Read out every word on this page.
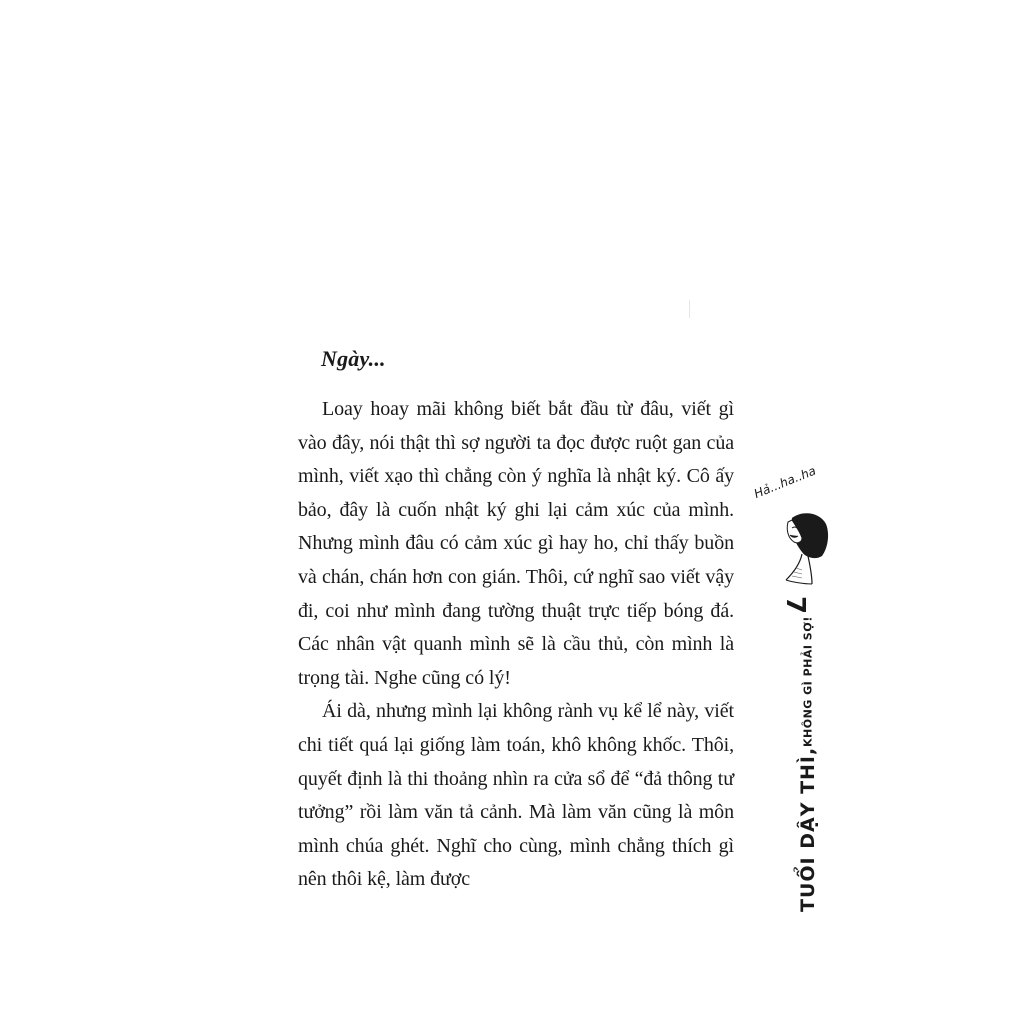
Ngày...

Loay hoay mãi không biết bắt đầu từ đâu, viết gì vào đây, nói thật thì sợ người ta đọc được ruột gan của mình, viết xạo thì chẳng còn ý nghĩa là nhật ký. Cô ấy bảo, đây là cuốn nhật ký ghi lại cảm xúc của mình. Nhưng mình đâu có cảm xúc gì hay ho, chỉ thấy buồn và chán, chán hơn con gián. Thôi, cứ nghĩ sao viết vậy đi, coi như mình đang tường thuật trực tiếp bóng đá. Các nhân vật quanh mình sẽ là cầu thủ, còn mình là trọng tài. Nghe cũng có lý!

Ái dà, nhưng mình lại không rành vụ kể lể này, viết chi tiết quá lại giống làm toán, khô không khốc. Thôi, quyết định là thi thoảng nhìn ra cửa sổ để “đả thông tư tưởng” rồi làm văn tả cảnh. Mà làm văn cũng là môn mình chúa ghét. Nghĩ cho cùng, mình chẳng thích gì nên thôi kệ, làm được

Hả...ha..ha
7
TUỔI DẬY THÌ,
KHÔNG GÌ PHẢI SỢ!
